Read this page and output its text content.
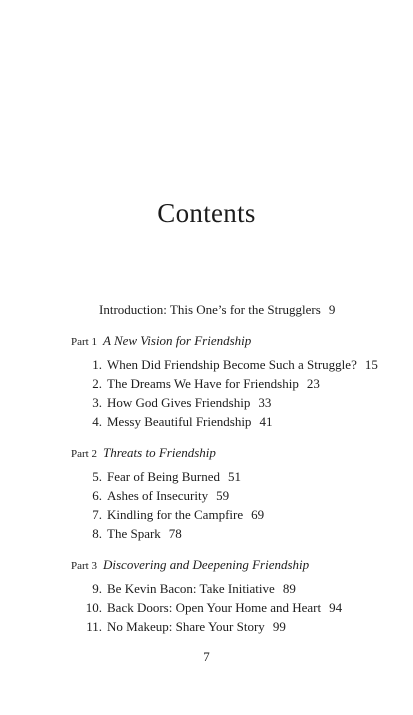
Contents
Introduction: This One’s for the Strugglers 9
Part 1 A New Vision for Friendship
1. When Did Friendship Become Such a Struggle? 15
2. The Dreams We Have for Friendship 23
3. How God Gives Friendship 33
4. Messy Beautiful Friendship 41
Part 2 Threats to Friendship
5. Fear of Being Burned 51
6. Ashes of Insecurity 59
7. Kindling for the Campfire 69
8. The Spark 78
Part 3 Discovering and Deepening Friendship
9. Be Kevin Bacon: Take Initiative 89
10. Back Doors: Open Your Home and Heart 94
11. No Makeup: Share Your Story 99
7
